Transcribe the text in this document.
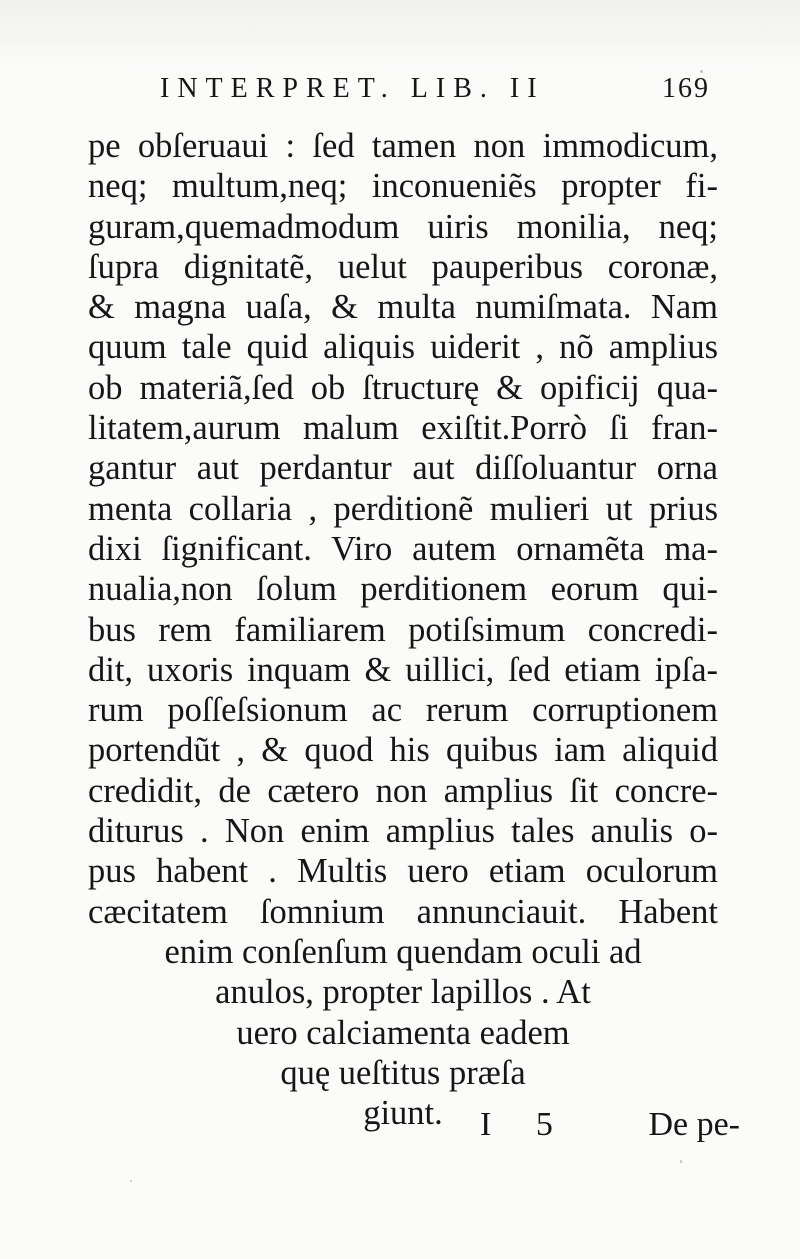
INTERPRET. LIB. II	169
pe obſeruaui : ſed tamen non immodicum,
neq; multum,neq; inconueniẽs propter fi-
guram,quemadmodum uiris monilia, neq;
ſupra dignitatẽ, uelut pauperibus coronæ,
& magna uaſa, & multa numiſmata. Nam
quum tale quid aliquis uiderit , nõ amplius
ob materiã,ſed ob ſtructurę & opificij qua-
litatem,aurum malum exiſtit.Porrò ſi fran-
gantur aut perdantur aut diſſoluantur orna
menta collaria , perditionẽ mulieri ut prius
dixi ſignificant. Viro autem ornamẽta ma-
nualia,non ſolum perditionem eorum qui-
bus rem familiarem potiſsimum concredi-
dit, uxoris inquam & uillici, ſed etiam ipſa-
rum poſſeſsionum ac rerum corruptionem
portendũt , & quod his quibus iam aliquid
credidit, de cætero non amplius ſit concre-
diturus . Non enim amplius tales anulis o-
pus habent . Multis uero etiam oculorum
cæcitatem ſomnium annunciauit. Habent
enim conſenſum quendam oculi ad
anulos, propter lapillos . At
uero calciamenta eadem
quę ueſtitus præſa
giunt.	I 5 De pe-
